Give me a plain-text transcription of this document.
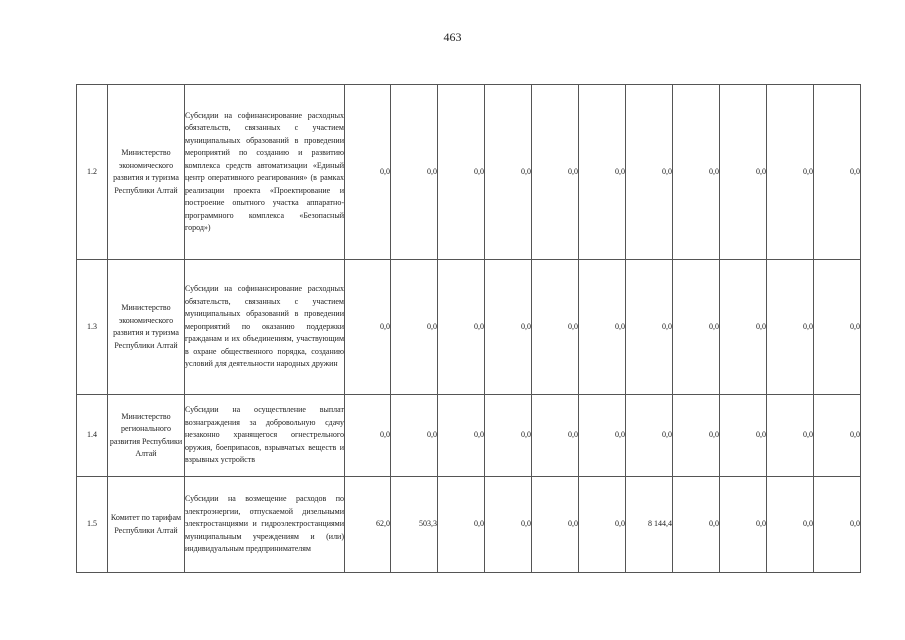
463
1.2	Министерство экономического развития и туризма Республики Алтай	Субсидии на софинансирование расходных обязательств, связанных с участием муниципальных образований в проведении мероприятий по созданию и развитию комплекса средств автоматизации «Единый центр оперативного реагирования» (в рамках реализации проекта «Проектирование и построение опытного участка аппаратно-программного комплекса «Безопасный город»)	0,0	0,0	0,0	0,0	0,0	0,0	0,0	0,0	0,0	0,0	0,0
1.3	Министерство экономического развития и туризма Республики Алтай	Субсидии на софинансирование расходных обязательств, связанных с участием муниципальных образований в проведении мероприятий по оказанию поддержки гражданам и их объединениям, участвующим в охране общественного порядка, созданию условий для деятельности народных дружин	0,0	0,0	0,0	0,0	0,0	0,0	0,0	0,0	0,0	0,0	0,0
1.4	Министерство регионального развития Республики Алтай	Субсидии на осуществление выплат вознаграждения за добровольную сдачу незаконно хранящегося огнестрельного оружия, боеприпасов, взрывчатых веществ и взрывных устройств	0,0	0,0	0,0	0,0	0,0	0,0	0,0	0,0	0,0	0,0	0,0
1.5	Комитет по тарифам Республики Алтай	Субсидии на возмещение расходов по электроэнергии, отпускаемой дизельными электростанциями и гидроэлектростанциями муниципальным учреждениям и (или) индивидуальным предпринимателям	62,0	503,3	0,0	0,0	0,0	0,0	8 144,4	0,0	0,0	0,0	0,0
